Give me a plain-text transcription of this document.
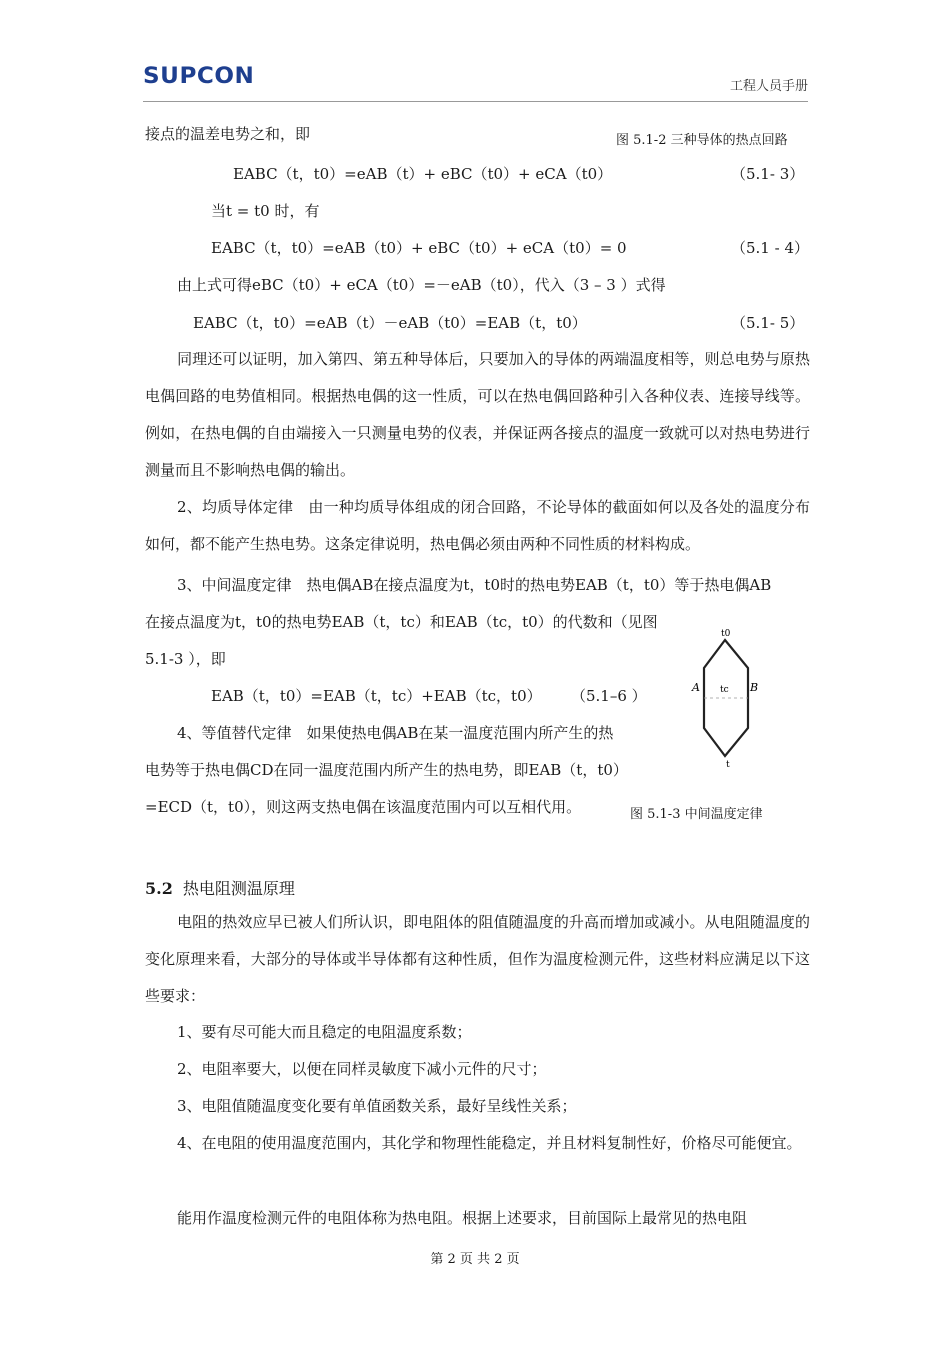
SUPCON	工程人员手册
接点的温差电势之和，即	图 5.1-2 三种导体的热点回路
EABC（t，t0）=eAB（t）+ eBC（t0）+ eCA（t0）	（5.1- 3）
当t = t0 时，有
EABC（t，t0）=eAB（t0）+ eBC（t0）+ eCA（t0）= 0	（5.1 - 4）
由上式可得eBC（t0）+ eCA（t0）=－eAB（t0），代入（3 – 3 ）式得
EABC（t，t0）=eAB（t）－eAB（t0）=EAB（t，t0）	（5.1- 5）
同理还可以证明，加入第四、第五种导体后，只要加入的导体的两端温度相等，则总电势与原热电偶回路的电势值相同。根据热电偶的这一性质，可以在热电偶回路种引入各种仪表、连接导线等。例如，在热电偶的自由端接入一只测量电势的仪表，并保证两各接点的温度一致就可以对热电势进行测量而且不影响热电偶的输出。
2、均质导体定律　由一种均质导体组成的闭合回路，不论导体的截面如何以及各处的温度分布如何，都不能产生热电势。这条定律说明，热电偶必须由两种不同性质的材料构成。
3、中间温度定律　热电偶AB在接点温度为t，t0时的热电势EAB（t，t0）等于热电偶AB
在接点温度为t，t0的热电势EAB（t，tc）和EAB（tc，t0）的代数和（见图
5.1-3 ），即
EAB（t，t0）=EAB（t，tc）+EAB（tc，t0） （5.1–6 ）
4、等值替代定律　如果使热电偶AB在某一温度范围内所产生的热
电势等于热电偶CD在同一温度范围内所产生的热电势，即EAB（t，t0）
=ECD（t，t0），则这两支热电偶在该温度范围内可以互相代用。
t0
t
A	B
tc
图 5.1-3 中间温度定律
5.2 热电阻测温原理
电阻的热效应早已被人们所认识，即电阻体的阻值随温度的升高而增加或减小。从电阻随温度的变化原理来看，大部分的导体或半导体都有这种性质，但作为温度检测元件，这些材料应满足以下这些要求：
1、要有尽可能大而且稳定的电阻温度系数；
2、电阻率要大，以便在同样灵敏度下减小元件的尺寸；
3、电阻值随温度变化要有单值函数关系，最好呈线性关系；
4、在电阻的使用温度范围内，其化学和物理性能稳定，并且材料复制性好，价格尽可能便宜。
能用作温度检测元件的电阻体称为热电阻。根据上述要求，目前国际上最常见的热电阻
第 2 页 共 2 页
